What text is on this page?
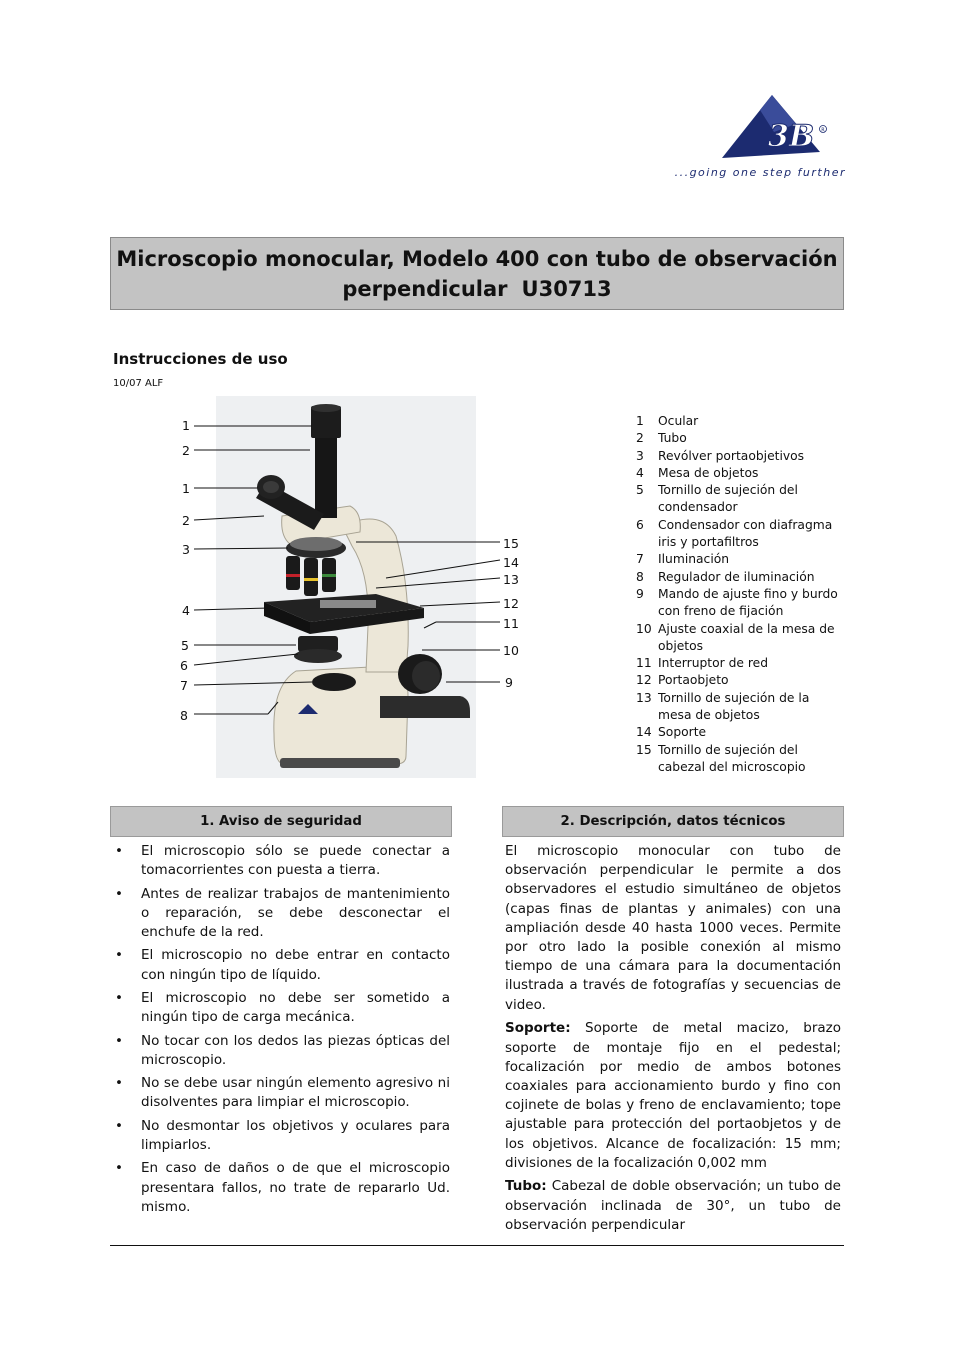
3B R
...going one step further
Microscopio monocular, Modelo 400 con tubo de observación
perpendicular U30713
Instrucciones de uso
10/07 ALF
1
2
1
2
3
4
5
6
7
8
15
14
13
12
11
10
9
1	Ocular
2	Tubo
3	Revólver portaobjetivos
4	Mesa de objetos
5	Tornillo de sujeción del condensador
6	Condensador con diafragma iris y portafiltros
7	Iluminación
8	Regulador de iluminación
9	Mando de ajuste fino y burdo con freno de fijación
10 Ajuste coaxial de la mesa de objetos
11 Interruptor de red
12 Portaobjeto
13 Tornillo de sujeción de la mesa de objetos
14 Soporte
15 Tornillo de sujeción del cabezal del microscopio
1. Aviso de seguridad	2. Descripción, datos técnicos
• El microscopio sólo se puede conectar a tomacorrientes con puesta a tierra.
• Antes de realizar trabajos de mantenimiento o reparación, se debe desconectar el enchufe de la red.
• El microscopio no debe entrar en contacto con ningún tipo de líquido.
• El microscopio no debe ser sometido a ningún tipo de carga mecánica.
• No tocar con los dedos las piezas ópticas del microscopio.
• No se debe usar ningún elemento agresivo ni disolventes para limpiar el microscopio.
• No desmontar los objetivos y oculares para limpiarlos.
• En caso de daños o de que el microscopio presentara fallos, no trate de repararlo Ud. mismo.

El microscopio monocular con tubo de observación perpendicular le permite a dos observadores el estudio simultáneo de objetos (capas finas de plantas y animales) con una ampliación desde 40 hasta 1000 veces. Permite por otro lado la posible conexión al mismo tiempo de una cámara para la documentación ilustrada a través de fotografías y secuencias de video.

Soporte: Soporte de metal macizo, brazo soporte de montaje fijo en el pedestal; focalización por medio de ambos botones coaxiales para accionamiento burdo y fino con cojinete de bolas y freno de enclavamiento; tope ajustable para protección del portaobjetos y de los objetivos. Alcance de focalización: 15 mm; divisiones de la focalización 0,002 mm

Tubo: Cabezal de doble observación; un tubo de observación inclinada de 30°, un tubo de observación perpendicular
